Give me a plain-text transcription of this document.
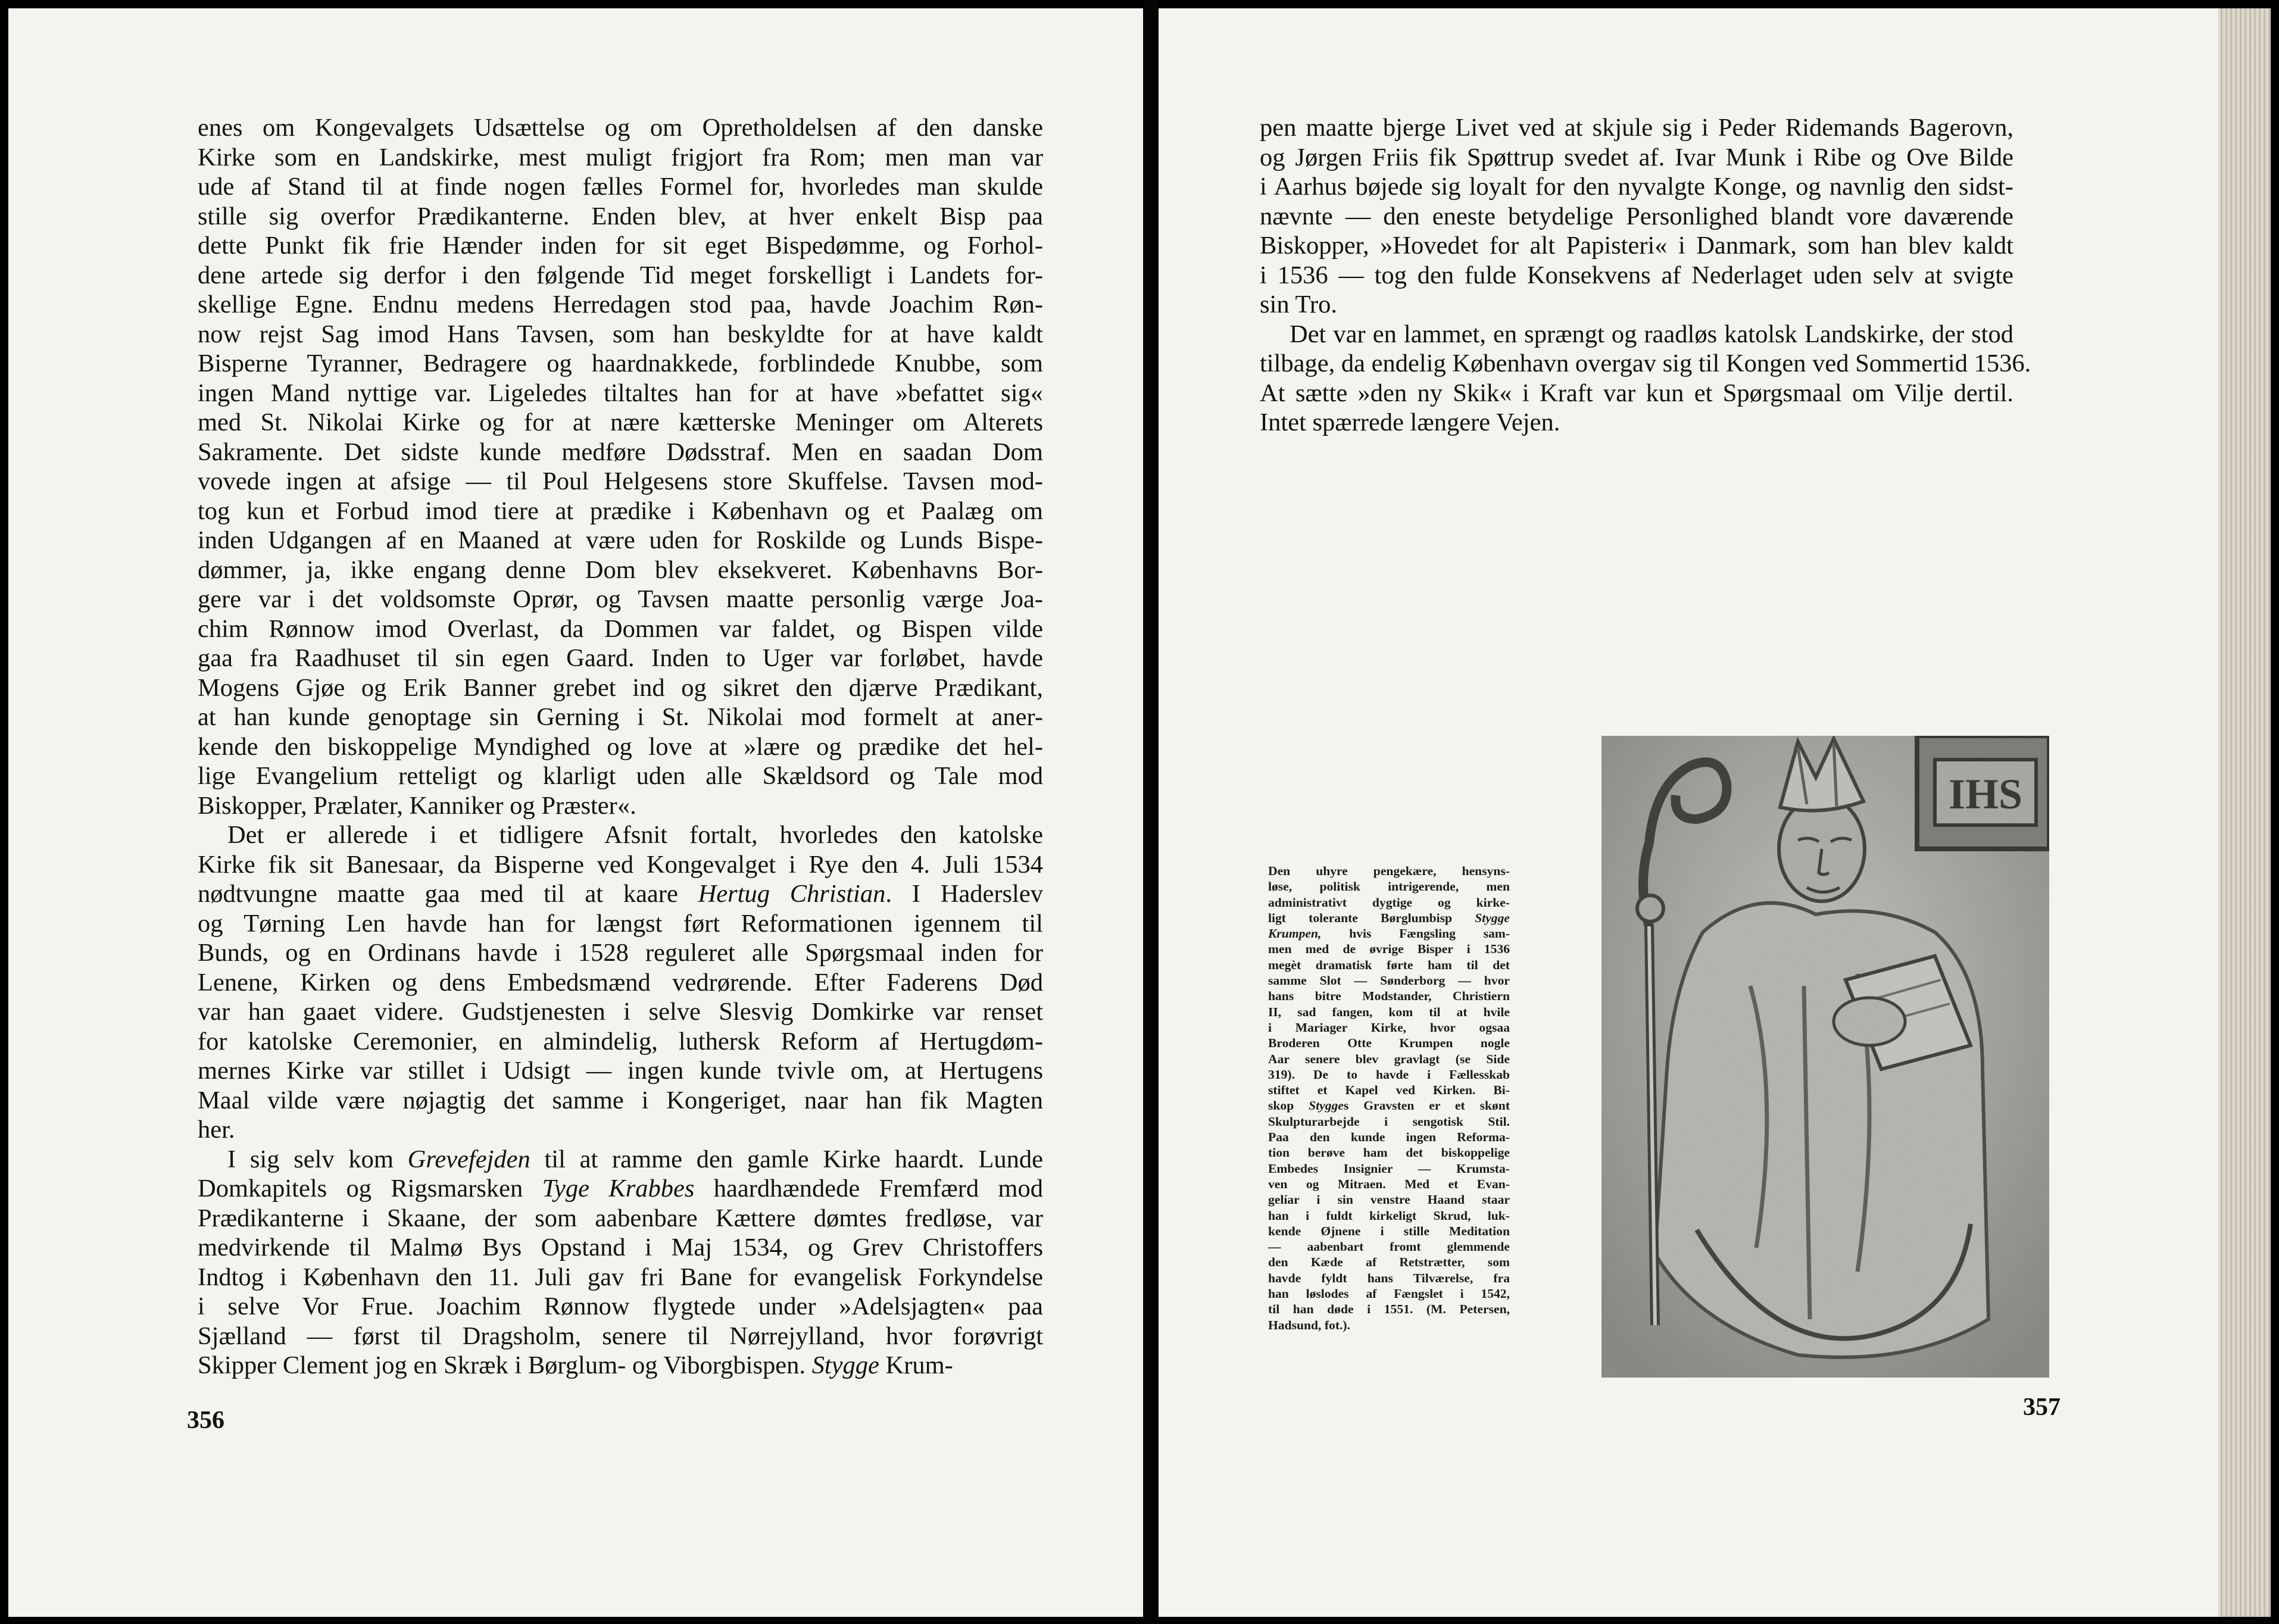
enes om Kongevalgets Udsættelse og om Opretholdelsen af den danske
Kirke som en Landskirke, mest muligt frigjort fra Rom; men man var
ude af Stand til at finde nogen fælles Formel for, hvorledes man skulde
stille sig overfor Prædikanterne. Enden blev, at hver enkelt Bisp paa
dette Punkt fik frie Hænder inden for sit eget Bispedømme, og Forhol-
dene artede sig derfor i den følgende Tid meget forskelligt i Landets for-
skellige Egne. Endnu medens Herredagen stod paa, havde Joachim Røn-
now rejst Sag imod Hans Tavsen, som han beskyldte for at have kaldt
Bisperne Tyranner, Bedragere og haardnakkede, forblindede Knubbe, som
ingen Mand nyttige var. Ligeledes tiltaltes han for at have »befattet sig«
med St. Nikolai Kirke og for at nære kætterske Meninger om Alterets
Sakramente. Det sidste kunde medføre Dødsstraf. Men en saadan Dom
vovede ingen at afsige — til Poul Helgesens store Skuffelse. Tavsen mod-
tog kun et Forbud imod tiere at prædike i København og et Paalæg om
inden Udgangen af en Maaned at være uden for Roskilde og Lunds Bispe-
dømmer, ja, ikke engang denne Dom blev eksekveret. Københavns Bor-
gere var i det voldsomste Oprør, og Tavsen maatte personlig værge Joa-
chim Rønnow imod Overlast, da Dommen var faldet, og Bispen vilde
gaa fra Raadhuset til sin egen Gaard. Inden to Uger var forløbet, havde
Mogens Gjøe og Erik Banner grebet ind og sikret den djærve Prædikant,
at han kunde genoptage sin Gerning i St. Nikolai mod formelt at aner-
kende den biskoppelige Myndighed og love at »lære og prædike det hel-
lige Evangelium retteligt og klarligt uden alle Skældsord og Tale mod
Biskopper, Prælater, Kanniker og Præster«.
Det er allerede i et tidligere Afsnit fortalt, hvorledes den katolske
Kirke fik sit Banesaar, da Bisperne ved Kongevalget i Rye den 4. Juli 1534
nødtvungne maatte gaa med til at kaare Hertug Christian. I Haderslev
og Tørning Len havde han for længst ført Reformationen igennem til
Bunds, og en Ordinans havde i 1528 reguleret alle Spørgsmaal inden for
Lenene, Kirken og dens Embedsmænd vedrørende. Efter Faderens Død
var han gaaet videre. Gudstjenesten i selve Slesvig Domkirke var renset
for katolske Ceremonier, en almindelig, luthersk Reform af Hertugdøm-
mernes Kirke var stillet i Udsigt — ingen kunde tvivle om, at Hertugens
Maal vilde være nøjagtig det samme i Kongeriget, naar han fik Magten
her.
I sig selv kom Grevefejden til at ramme den gamle Kirke haardt. Lunde
Domkapitels og Rigsmarsken Tyge Krabbes haardhændede Fremfærd mod
Prædikanterne i Skaane, der som aabenbare Kættere dømtes fredløse, var
medvirkende til Malmø Bys Opstand i Maj 1534, og Grev Christoffers
Indtog i København den 11. Juli gav fri Bane for evangelisk Forkyndelse
i selve Vor Frue. Joachim Rønnow flygtede under »Adelsjagten« paa
Sjælland — først til Dragsholm, senere til Nørrejylland, hvor forøvrigt
Skipper Clement jog en Skræk i Børglum- og Viborgbispen. Stygge Krum-
356
pen maatte bjerge Livet ved at skjule sig i Peder Ridemands Bagerovn,
og Jørgen Friis fik Spøttrup svedet af. Ivar Munk i Ribe og Ove Bilde
i Aarhus bøjede sig loyalt for den nyvalgte Konge, og navnlig den sidst-
nævnte — den eneste betydelige Personlighed blandt vore daværende
Biskopper, »Hovedet for alt Papisteri« i Danmark, som han blev kaldt
i 1536 — tog den fulde Konsekvens af Nederlaget uden selv at svigte
sin Tro.
Det var en lammet, en sprængt og raadløs katolsk Landskirke, der stod
tilbage, da endelig København overgav sig til Kongen ved Sommertid 1536.
At sætte »den ny Skik« i Kraft var kun et Spørgsmaal om Vilje dertil.
Intet spærrede længere Vejen.
Den uhyre pengekære, hensyns-
løse, politisk intrigerende, men
administrativt dygtige og kirke-
ligt tolerante Børglumbisp Stygge
Krumpen, hvis Fængsling sam-
men med de øvrige Bisper i 1536
megèt dramatisk førte ham til det
samme Slot — Sønderborg — hvor
hans bitre Modstander, Christiern
II, sad fangen, kom til at hvile
i Mariager Kirke, hvor ogsaa
Broderen Otte Krumpen nogle
Aar senere blev gravlagt (se Side
319). De to havde i Fællesskab
stiftet et Kapel ved Kirken. Bi-
skop Stygges Gravsten er et skønt
Skulpturarbejde i sengotisk Stil.
Paa den kunde ingen Reforma-
tion berøve ham det biskoppelige
Embedes Insignier — Krumsta-
ven og Mitraen. Med et Evan-
gelíar i sin venstre Haand staar
han i fuldt kirkeligt Skrud, luk-
kende Øjnene i stille Meditation
— aabenbart fromt glemmende
den Kæde af Retstrætter, som
havde fyldt hans Tilværelse, fra
han løslodes af Fængslet i 1542,
til han døde i 1551. (M. Petersen,
Hadsund, fot.).
357
